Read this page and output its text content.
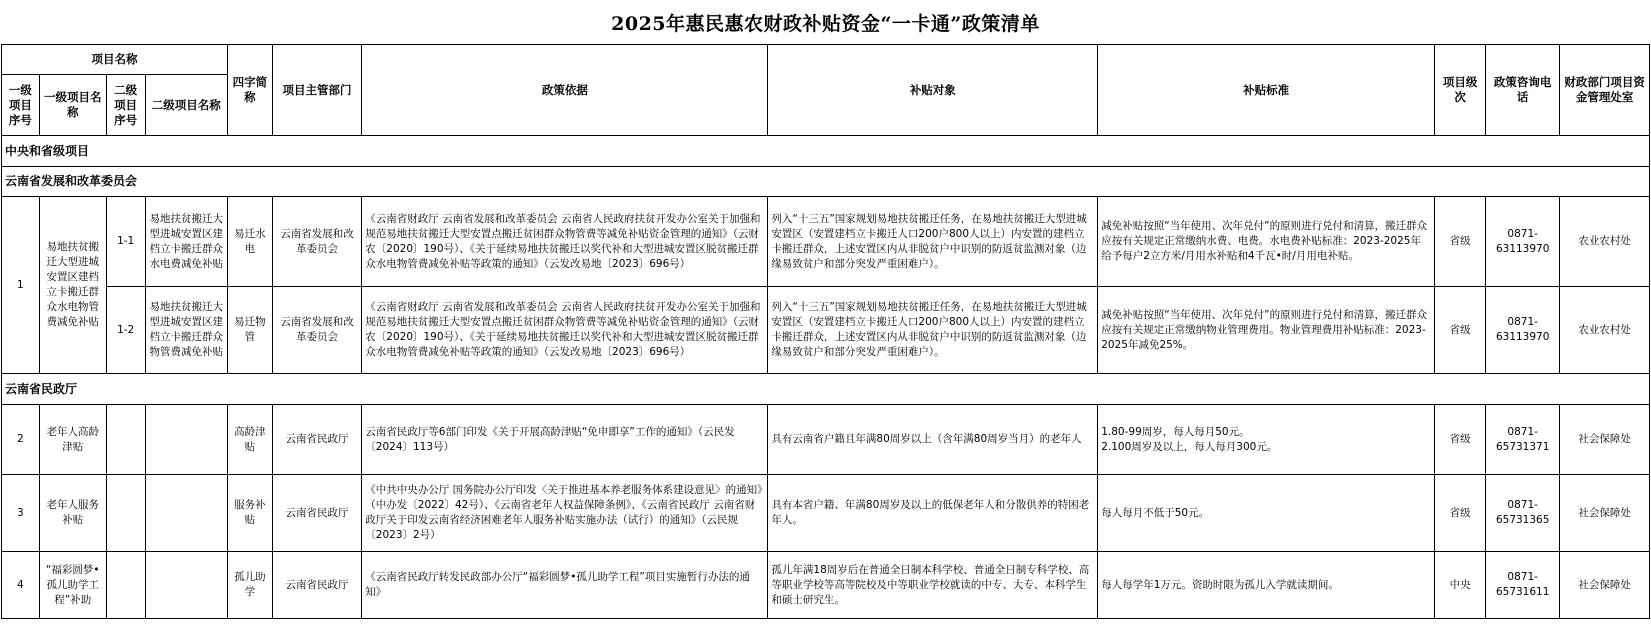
2025年惠民惠农财政补贴资金“一卡通”政策清单
项目名称				四字简称	项目主管部门	政策依据	补贴对象	补贴标准	项目级次	政策咨询电话	财政部门项目资金管理处室
一级项目序号	一级项目名称	二级项目序号	二级项目名称								
中央和省级项目											
云南省发展和改革委员会											
1	易地扶贫搬迁大型进城安置区建档立卡搬迁群众水电物管费减免补贴	1-1	易地扶贫搬迁大型进城安置区建档立卡搬迁群众水电费减免补贴	易迁水电	云南省发展和改革委员会	《云南省财政厅 云南省发展和改革委员会 云南省人民政府扶贫开发办公室关于加强和规范易地扶贫搬迁大型安置点搬迁贫困群众物管费等减免补贴资金管理的通知》（云财农〔2020〕190号）、《关于延续易地扶贫搬迁以奖代补和大型进城安置区脱贫搬迁群众水电物管费减免补贴等政策的通知》（云发改易地〔2023〕696号）	列入“十三五”国家规划易地扶贫搬迁任务，在易地扶贫搬迁大型进城安置区（安置建档立卡搬迁人口200户800人以上）内安置的建档立卡搬迁群众，上述安置区内从非脱贫户中识别的防返贫监测对象（边缘易致贫户和部分突发严重困难户）。	减免补贴按照“当年使用、次年兑付”的原则进行兑付和清算，搬迁群众应按有关规定正常缴纳水费、电费。水电费补贴标准：2023-2025年给予每户2立方米/月用水补贴和4千瓦•时/月用电补贴。	省级	0871-63113970	农业农村处
		1-2	易地扶贫搬迁大型进城安置区建档立卡搬迁群众物管费减免补贴	易迁物管	云南省发展和改革委员会	《云南省财政厅 云南省发展和改革委员会 云南省人民政府扶贫开发办公室关于加强和规范易地扶贫搬迁大型安置点搬迁贫困群众物管费等减免补贴资金管理的通知》（云财农〔2020〕190号）、《关于延续易地扶贫搬迁以奖代补和大型进城安置区脱贫搬迁群众水电物管费减免补贴等政策的通知》（云发改易地〔2023〕696号）	列入“十三五”国家规划易地扶贫搬迁任务，在易地扶贫搬迁大型进城安置区（安置建档立卡搬迁人口200户800人以上）内安置的建档立卡搬迁群众，上述安置区内从非脱贫户中识别的防返贫监测对象（边缘易致贫户和部分突发严重困难户）。	减免补贴按照“当年使用、次年兑付”的原则进行兑付和清算，搬迁群众应按有关规定正常缴纳物业管理费用。物业管理费用补贴标准：2023-2025年减免25%。	省级	0871-63113970	农业农村处
云南省民政厅											
2	老年人高龄津贴			高龄津贴	云南省民政厅	云南省民政厅等6部门印发《关于开展高龄津贴“免申即享”工作的通知》（云民发〔2024〕113号）	具有云南省户籍且年满80周岁以上（含年满80周岁当月）的老年人	1.80-99周岁，每人每月50元。
2.100周岁及以上，每人每月300元。	省级	0871-65731371	社会保障处
3	老年人服务补贴			服务补贴	云南省民政厅	《中共中央办公厅 国务院办公厅印发〈关于推进基本养老服务体系建设意见〉的通知》（中办发〔2022〕42号）、《云南省老年人权益保障条例》、《云南省民政厅 云南省财政厅关于印发云南省经济困难老年人服务补贴实施办法（试行）的通知》（云民规〔2023〕2号）	具有本省户籍、年满80周岁及以上的低保老年人和分散供养的特困老年人。	每人每月不低于50元。	省级	0871-65731365	社会保障处
4	“福彩圆梦•孤儿助学工程”补助			孤儿助学	云南省民政厅	《云南省民政厅转发民政部办公厅“福彩圆梦•孤儿助学工程”项目实施暂行办法的通知》	孤儿年满18周岁后在普通全日制本科学校、普通全日制专科学校、高等职业学校等高等院校及中等职业学校就读的中专、大专、本科学生和硕士研究生。	每人每学年1万元。资助时限为孤儿入学就读期间。	中央	0871-65731611	社会保障处
